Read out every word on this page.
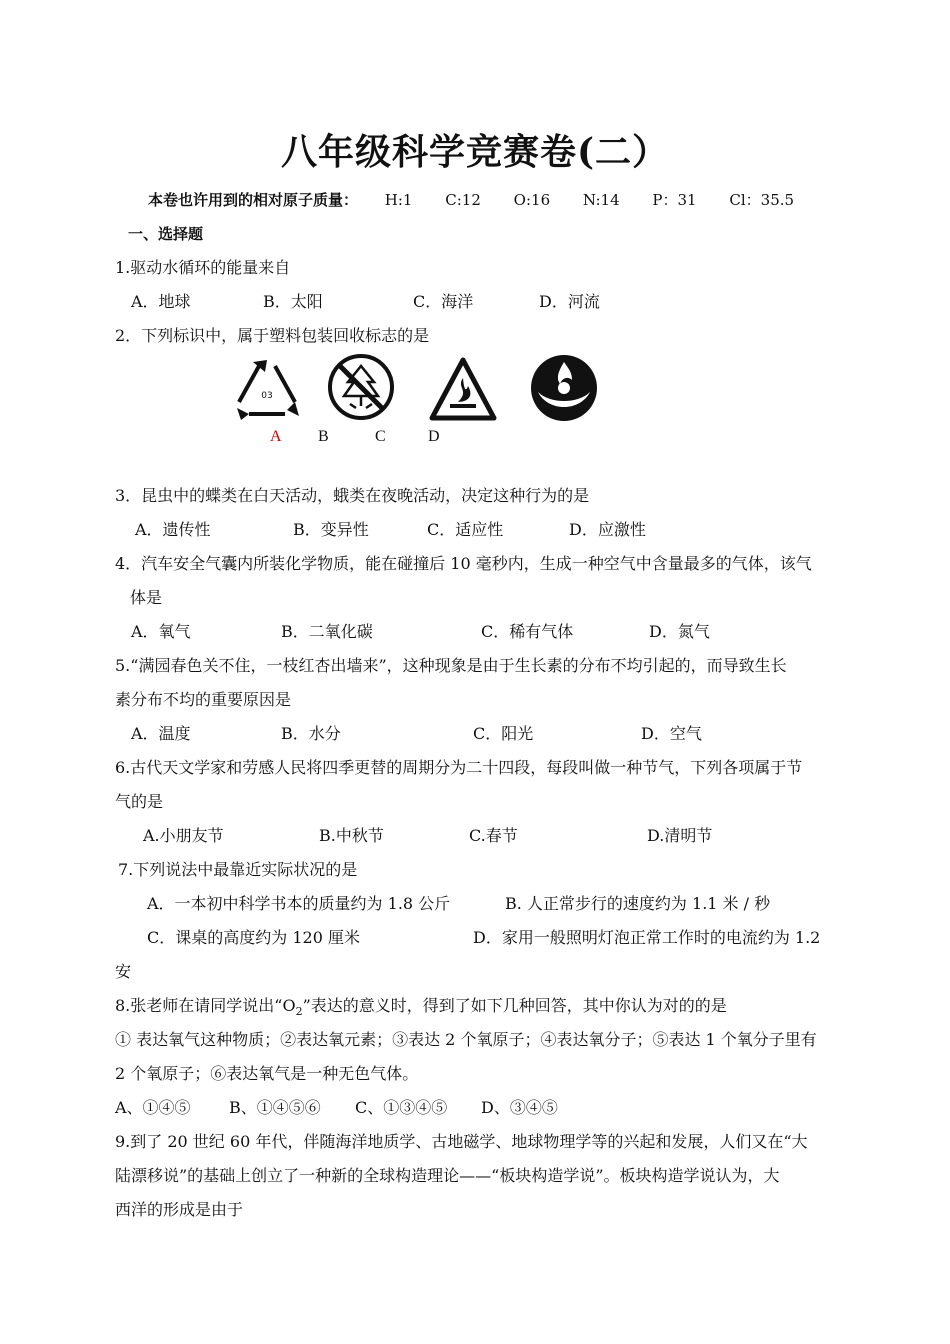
八年级科学竞赛卷(二）
本卷也许用到的相对原子质量： H:1 C:12 O:16 N:14 P：31 Cl：35.5
一、选择题
1.驱动水循环的能量来自
A．地球	B．太阳	C．海洋	D．河流
2．下列标识中，属于塑料包装回收标志的是
03
A B	C	D
3．昆虫中的蝶类在白天活动，蛾类在夜晚活动，决定这种行为的是
A．遗传性	B．变异性	C．适应性	D．应激性
4．汽车安全气囊内所装化学物质，能在碰撞后 10 毫秒内，生成一种空气中含量最多的气体，该气
体是
A．氧气	B．二氧化碳	C．稀有气体	D．氮气
5.“满园春色关不住，一枝红杏出墙来”，这种现象是由于生长素的分布不均引起的，而导致生长
素分布不均的重要原因是
A．温度	B．水分	C．阳光	D．空气
6.古代天文学家和劳感人民将四季更替的周期分为二十四段，每段叫做一种节气，下列各项属于节
气的是
A.小朋友节	B.中秋节	C.春节	D.清明节
7.下列说法中最靠近实际状况的是
A．一本初中科学书本的质量约为 1.8 公斤	B. 人正常步行的速度约为 1.1 米 / 秒
C．课桌的高度约为 120 厘米	D．家用一般照明灯泡正常工作时的电流约为 1.2
安
8.张老师在请同学说出“$O_2$”表达的意义时，得到了如下几种回答，其中你认为对的的是
① 表达氧气这种物质；②表达氧元素；③表达 2 个氧原子；④表达氧分子；⑤表达 1 个氧分子里有
2 个氧原子；⑥表达氧气是一种无色气体。
A、①④⑤ B、①④⑤⑥ C、①③④⑤ D、③④⑤
9.到了 20 世纪 60 年代，伴随海洋地质学、古地磁学、地球物理学等的兴起和发展，人们又在“大
陆漂移说”的基础上创立了一种新的全球构造理论——“板块构造学说”。板块构造学说认为，大
西洋的形成是由于
